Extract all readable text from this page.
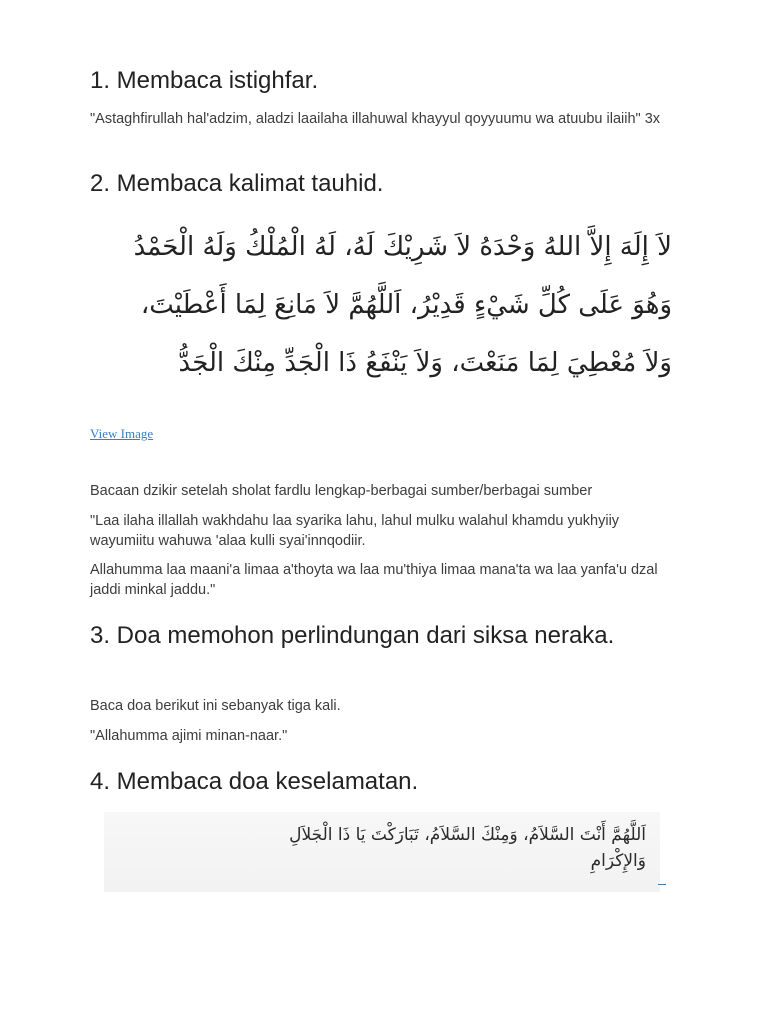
1. Membaca istighfar.

"Astaghfirullah hal'adzim, aladzi laailaha illahuwal khayyul qoyyuumu wa atuubu ilaiih" 3x

2. Membaca kalimat tauhid.
لاَ إِلَهَ إِلاَّ اللهُ وَحْدَهُ لاَ شَرِيْكَ لَهُ، لَهُ الْمُلْكُ وَلَهُ الْحَمْدُ
وَهُوَ عَلَى كُلِّ شَيْءٍ قَدِيْرُ، اَللَّهُمَّ لاَ مَانِعَ لِمَا أَعْطَيْتَ،
وَلاَ مُعْطِيَ لِمَا مَنَعْتَ، وَلاَ يَنْفَعُ ذَا الْجَدِّ مِنْكَ الْجَدُّ
View Image

Bacaan dzikir setelah sholat fardlu lengkap-berbagai sumber/berbagai sumber

"Laa ilaha illallah wakhdahu laa syarika lahu, lahul mulku walahul khamdu yukhyiiy wayumiitu wahuwa 'alaa kulli syai'innqodiir.

Allahumma laa maani'a limaa a'thoyta wa laa mu'thiya limaa mana'ta wa laa yanfa'u dzal jaddi minkal jaddu."

3. Doa memohon perlindungan dari siksa neraka.

Baca doa berikut ini sebanyak tiga kali.

"Allahumma ajimi minan-naar."

4. Membaca doa keselamatan.
اَللَّهُمَّ أَنْتَ السَّلاَمُ، وَمِنْكَ السَّلاَمُ، تَبَارَكْتَ يَا ذَا الْجَلاَلِ
وَالإِكْرَامِ
